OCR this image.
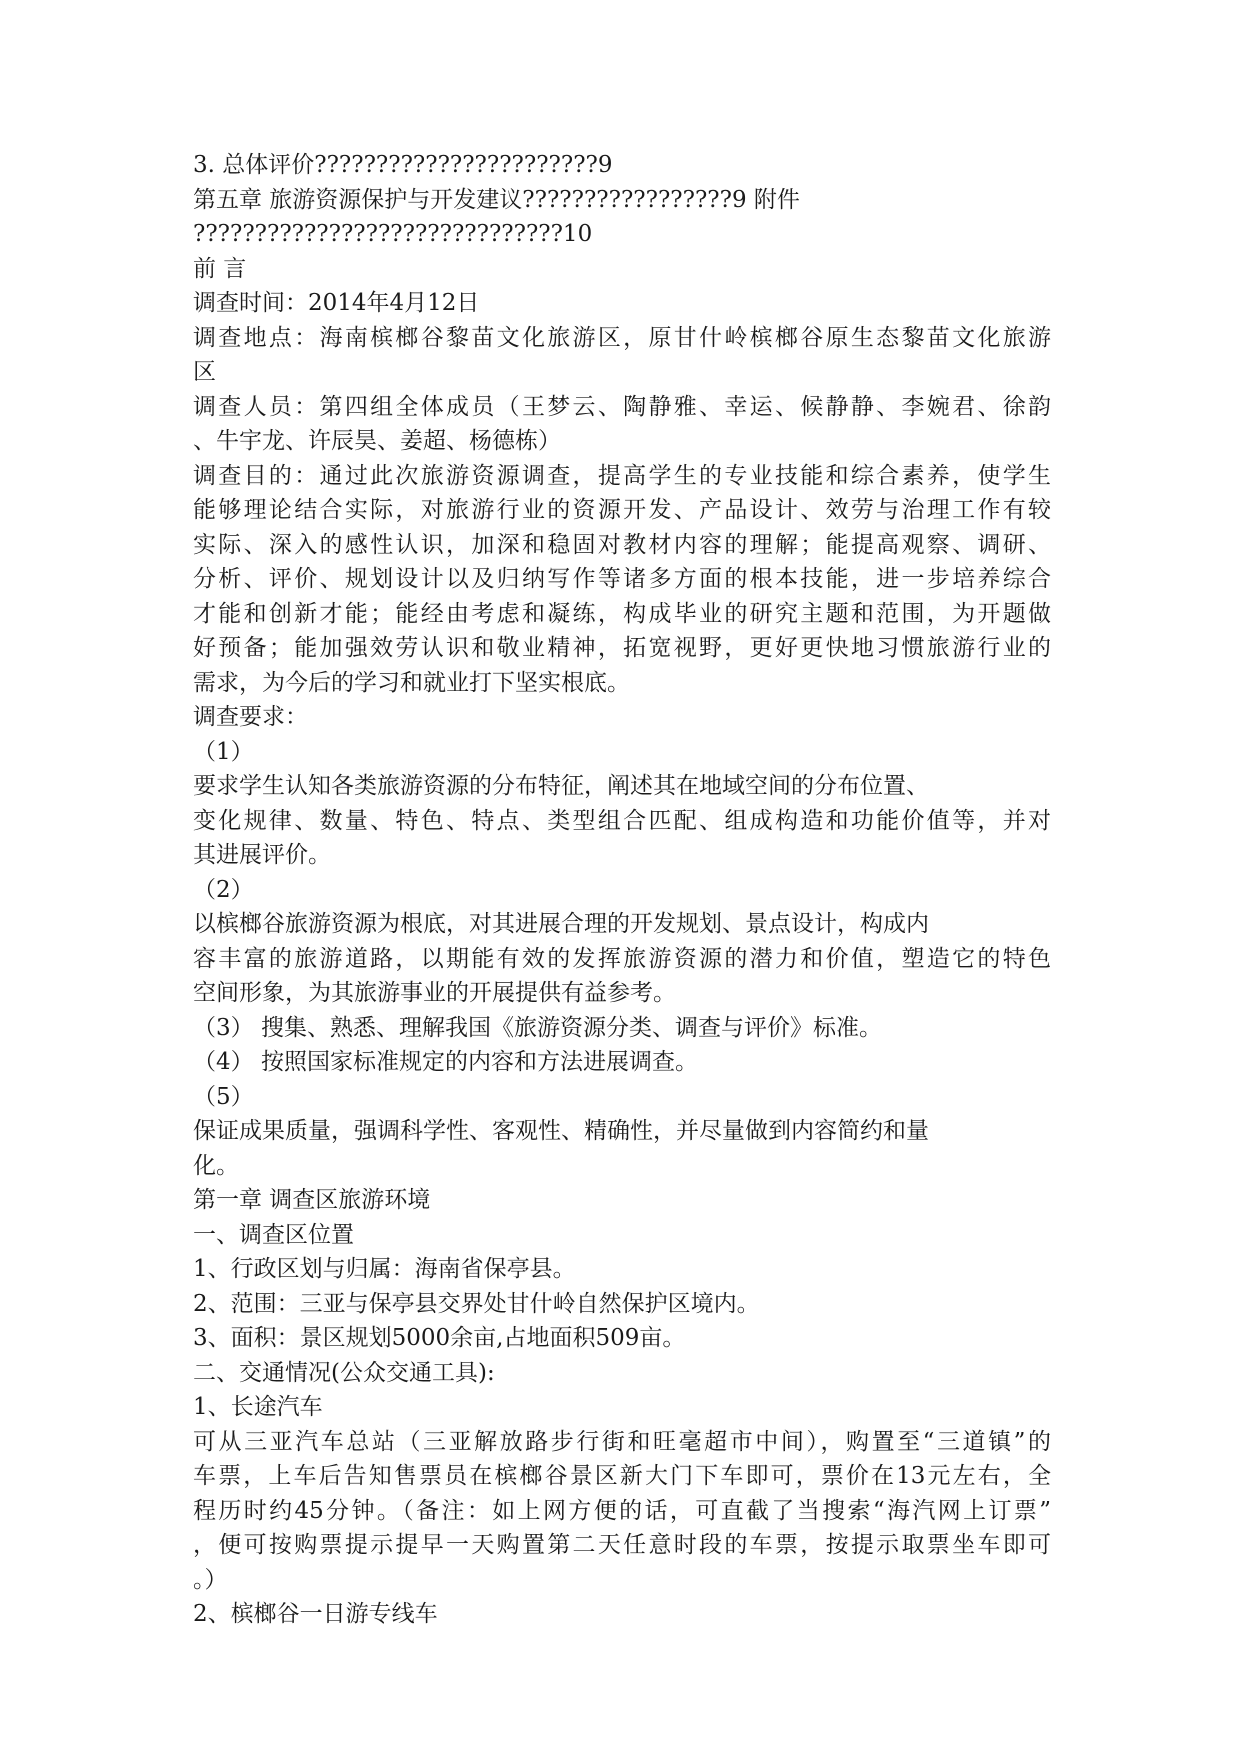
3. 总体评价???????????????????????9
第五章 旅游资源保护与开发建议?????????????????9 附件
??????????????????????????????10
前 言
调查时间：2014年4月12日
调查地点：海南槟榔谷黎苗文化旅游区，原甘什岭槟榔谷原生态黎苗文化旅游
区
调查人员：第四组全体成员（王梦云、陶静雅、幸运、候静静、李婉君、徐韵
、牛宇龙、许辰昊、姜超、杨德栋）
调查目的：通过此次旅游资源调查，提高学生的专业技能和综合素养，使学生
能够理论结合实际，对旅游行业的资源开发、产品设计、效劳与治理工作有较
实际、深入的感性认识，加深和稳固对教材内容的理解；能提高观察、调研、
分析、评价、规划设计以及归纳写作等诸多方面的根本技能，进一步培养综合
才能和创新才能；能经由考虑和凝练，构成毕业的研究主题和范围，为开题做
好预备；能加强效劳认识和敬业精神，拓宽视野，更好更快地习惯旅游行业的
需求，为今后的学习和就业打下坚实根底。
调查要求：
（1）
要求学生认知各类旅游资源的分布特征，阐述其在地域空间的分布位置、
变化规律、数量、特色、特点、类型组合匹配、组成构造和功能价值等，并对
其进展评价。
（2）
以槟榔谷旅游资源为根底，对其进展合理的开发规划、景点设计，构成内
容丰富的旅游道路，以期能有效的发挥旅游资源的潜力和价值，塑造它的特色
空间形象，为其旅游事业的开展提供有益参考。
（3） 搜集、熟悉、理解我国《旅游资源分类、调查与评价》标准。
（4） 按照国家标准规定的内容和方法进展调查。
（5）
保证成果质量，强调科学性、客观性、精确性，并尽量做到内容简约和量
化。
第一章 调查区旅游环境
一、调查区位置
1、行政区划与归属：海南省保亭县。
2、范围：三亚与保亭县交界处甘什岭自然保护区境内。
3、面积：景区规划5000余亩,占地面积509亩。
二、交通情况(公众交通工具):
1、长途汽车
可从三亚汽车总站（三亚解放路步行街和旺毫超市中间），购置至“三道镇”的
车票，上车后告知售票员在槟榔谷景区新大门下车即可，票价在13元左右，全
程历时约45分钟。（备注：如上网方便的话，可直截了当搜索“海汽网上订票”
，便可按购票提示提早一天购置第二天任意时段的车票，按提示取票坐车即可
。）
2、槟榔谷一日游专线车
